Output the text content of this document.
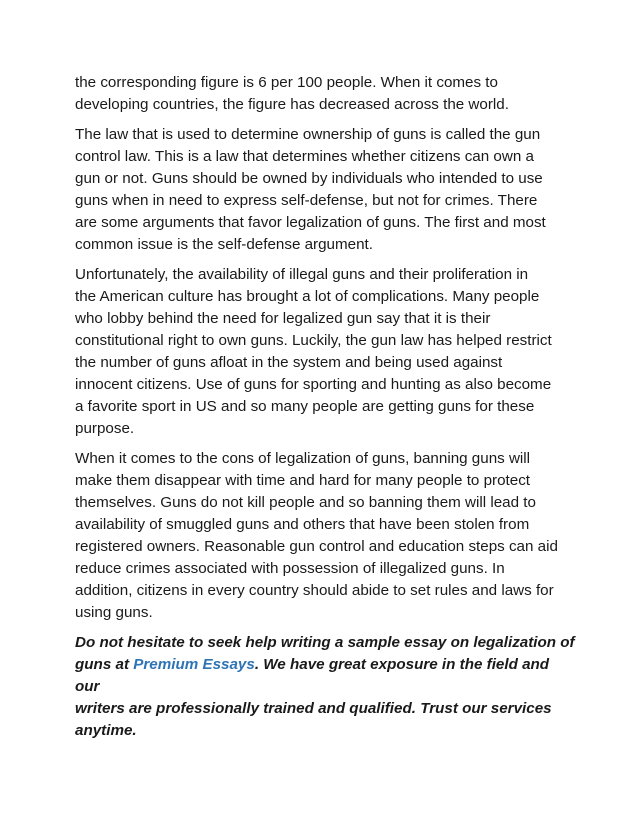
the corresponding figure is 6 per 100 people. When it comes to
developing countries, the figure has decreased across the world.

The law that is used to determine ownership of guns is called the gun
control law. This is a law that determines whether citizens can own a
gun or not. Guns should be owned by individuals who intended to use
guns when in need to express self-defense, but not for crimes. There
are some arguments that favor legalization of guns. The first and most
common issue is the self-defense argument.

Unfortunately, the availability of illegal guns and their proliferation in
the American culture has brought a lot of complications. Many people
who lobby behind the need for legalized gun say that it is their
constitutional right to own guns. Luckily, the gun law has helped restrict
the number of guns afloat in the system and being used against
innocent citizens. Use of guns for sporting and hunting as also become
a favorite sport in US and so many people are getting guns for these
purpose.

When it comes to the cons of legalization of guns, banning guns will
make them disappear with time and hard for many people to protect
themselves. Guns do not kill people and so banning them will lead to
availability of smuggled guns and others that have been stolen from
registered owners. Reasonable gun control and education steps can aid
reduce crimes associated with possession of illegalized guns. In
addition, citizens in every country should abide to set rules and laws for
using guns.

Do not hesitate to seek help writing a sample essay on legalization of
guns at Premium Essays. We have great exposure in the field and our
writers are professionally trained and qualified. Trust our services
anytime.
